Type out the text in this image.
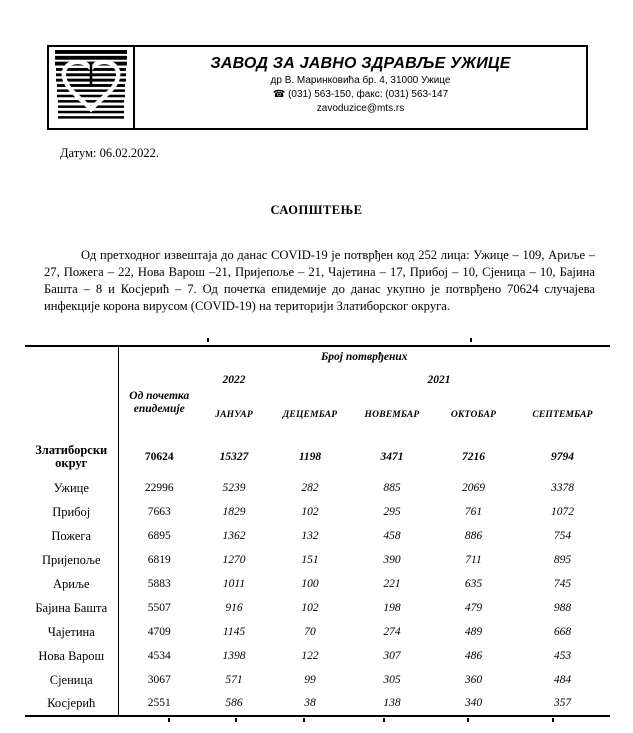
ЗАВОД ЗА ЈАВНО ЗДРАВЉЕ УЖИЦЕ
др В. Маринковића бр. 4, 31000 Ужице
☎ (031) 563-150, факс: (031) 563-147
zavoduzice@mts.rs
Датум: 06.02.2022.
САОПШТЕЊЕ

Од претходног извештаја до данас COVID-19 је потврђен код 252 лица: Ужице – 109, Ариље – 27, Пожега – 22, Нова Варош –21, Пријепоље – 21, Чајетина – 17, Прибој – 10, Сјеница – 10, Бајина Башта – 8 и Косјерић – 7. Од почетка епидемије до данас укупно је потврђено 70624 случајева инфекције корона вирусом (COVID-19) на територији Златиборског округа.

	Број потврђених					
	Од почетка епидемије	2022	2021			
		ЈАНУАР	ДЕЦЕМБАР	НОВЕМБАР	ОКТОБАР	СЕПТЕМБАР
Златиборски округ	70624	15327	1198	3471	7216	9794
Ужице	22996	5239	282	885	2069	3378
Прибој	7663	1829	102	295	761	1072
Пожега	6895	1362	132	458	886	754
Пријепоље	6819	1270	151	390	711	895
Ариље	5883	1011	100	221	635	745
Бајина Башта	5507	916	102	198	479	988
Чајетина	4709	1145	70	274	489	668
Нова Варош	4534	1398	122	307	486	453
Сјеница	3067	571	99	305	360	484
Косјерић	2551	586	38	138	340	357
